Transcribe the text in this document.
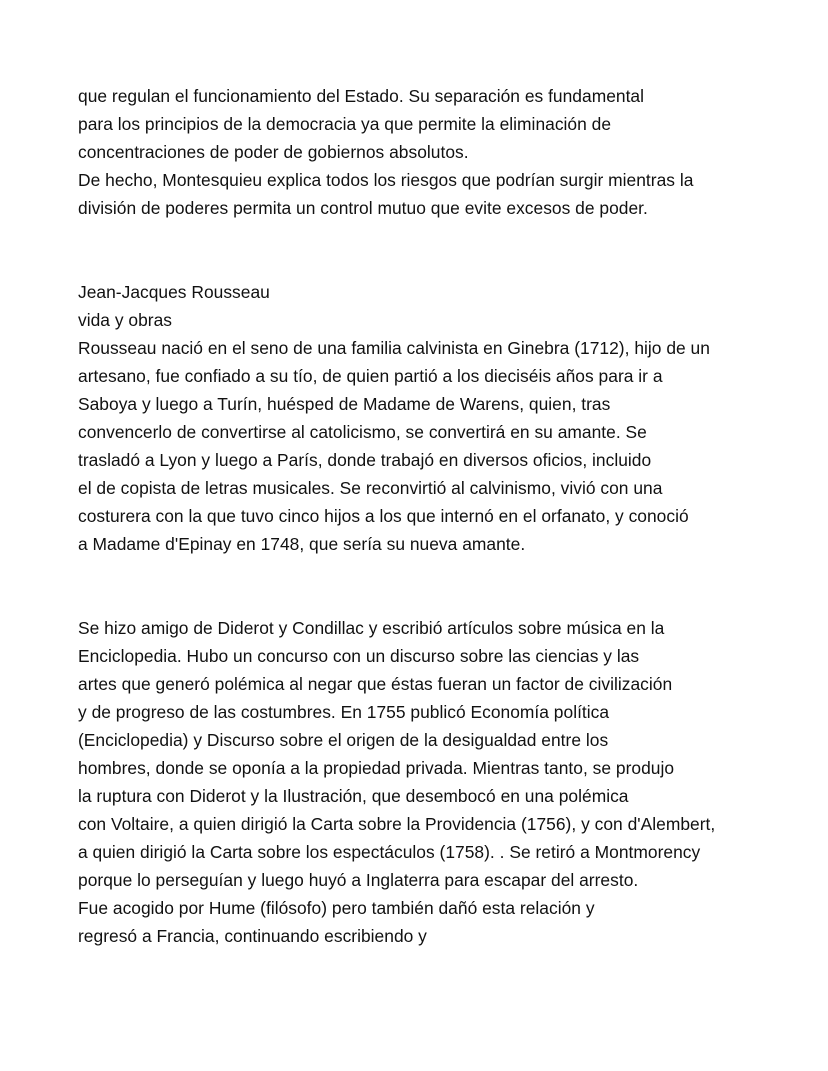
que regulan el funcionamiento del Estado. Su separación es fundamental
para los principios de la democracia ya que permite la eliminación de
concentraciones de poder de gobiernos absolutos.
De hecho, Montesquieu explica todos los riesgos que podrían surgir mientras la
división de poderes permita un control mutuo que evite excesos de poder.
Jean-Jacques Rousseau
vida y obras
Rousseau nació en el seno de una familia calvinista en Ginebra (1712), hijo de un
artesano, fue confiado a su tío, de quien partió a los dieciséis años para ir a
Saboya y luego a Turín, huésped de Madame de Warens, quien, tras
convencerlo de convertirse al catolicismo, se convertirá en su amante. Se
trasladó a Lyon y luego a París, donde trabajó en diversos oficios, incluido
el de copista de letras musicales. Se reconvirtió al calvinismo, vivió con una
costurera con la que tuvo cinco hijos a los que internó en el orfanato, y conoció
a Madame d'Epinay en 1748, que sería su nueva amante.
Se hizo amigo de Diderot y Condillac y escribió artículos sobre música en la
Enciclopedia. Hubo un concurso con un discurso sobre las ciencias y las
artes que generó polémica al negar que éstas fueran un factor de civilización
y de progreso de las costumbres. En 1755 publicó Economía política
(Enciclopedia) y Discurso sobre el origen de la desigualdad entre los
hombres, donde se oponía a la propiedad privada. Mientras tanto, se produjo
la ruptura con Diderot y la Ilustración, que desembocó en una polémica
con Voltaire, a quien dirigió la Carta sobre la Providencia (1756), y con d'Alembert,
a quien dirigió la Carta sobre los espectáculos (1758). . Se retiró a Montmorency
porque lo perseguían y luego huyó a Inglaterra para escapar del arresto.
Fue acogido por Hume (filósofo) pero también dañó esta relación y
regresó a Francia, continuando escribiendo y
